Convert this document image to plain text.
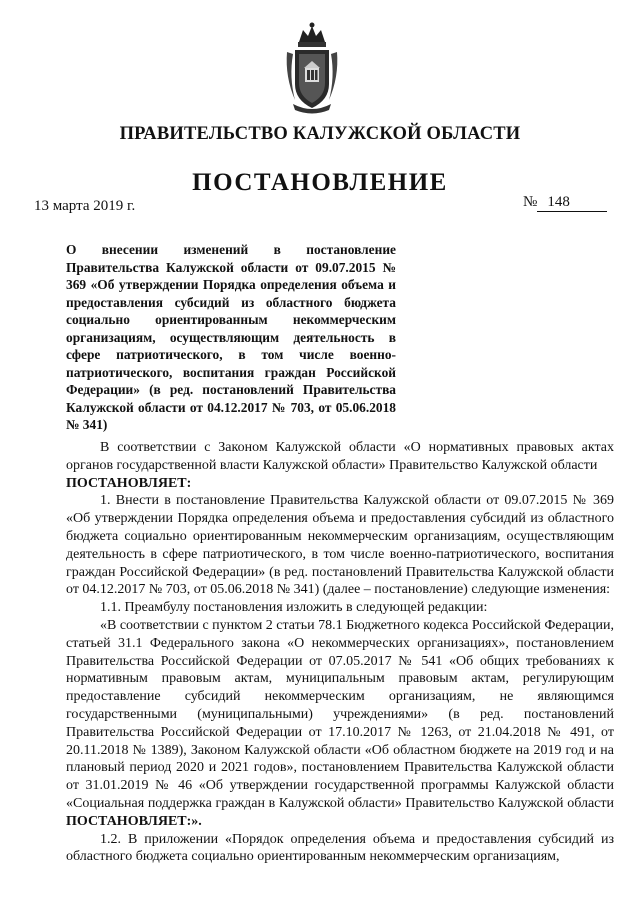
ПРАВИТЕЛЬСТВО КАЛУЖСКОЙ ОБЛАСТИ
ПОСТАНОВЛЕНИЕ
13 марта 2019 г.	№ 148
О внесении изменений в постановление Правительства Калужской области от 09.07.2015 № 369 «Об утверждении Порядка определения объема и предоставления субсидий из областного бюджета социально ориентированным некоммерческим организациям, осуществляющим деятельность в сфере патриотического, в том числе военно-патриотического, воспитания граждан Российской Федерации» (в ред. постановлений Правительства Калужской области от 04.12.2017 № 703, от 05.06.2018 № 341)

В соответствии с Законом Калужской области «О нормативных правовых актах органов государственной власти Калужской области» Правительство Калужской области

ПОСТАНОВЛЯЕТ:

1. Внести в постановление Правительства Калужской области от 09.07.2015 № 369 «Об утверждении Порядка определения объема и предоставления субсидий из областного бюджета социально ориентированным некоммерческим организациям, осуществляющим деятельность в сфере патриотического, в том числе военно-патриотического, воспитания граждан Российской Федерации» (в ред. постановлений Правительства Калужской области от 04.12.2017 № 703, от 05.06.2018 № 341) (далее – постановление) следующие изменения:

1.1. Преамбулу постановления изложить в следующей редакции:

«В соответствии с пунктом 2 статьи 78.1 Бюджетного кодекса Российской Федерации, статьей 31.1 Федерального закона «О некоммерческих организациях», постановлением Правительства Российской Федерации от 07.05.2017 № 541 «Об общих требованиях к нормативным правовым актам, муниципальным правовым актам, регулирующим предоставление субсидий некоммерческим организациям, не являющимся государственными (муниципальными) учреждениями» (в ред. постановлений Правительства Российской Федерации от 17.10.2017 № 1263, от 21.04.2018 № 491, от 20.11.2018 № 1389), Законом Калужской области «Об областном бюджете на 2019 год и на плановый период 2020 и 2021 годов», постановлением Правительства Калужской области от 31.01.2019 № 46 «Об утверждении государственной программы Калужской области «Социальная поддержка граждан в Калужской области» Правительство Калужской области ПОСТАНОВЛЯЕТ:».

1.2. В приложении «Порядок определения объема и предоставления субсидий из областного бюджета социально ориентированным некоммерческим организациям,
